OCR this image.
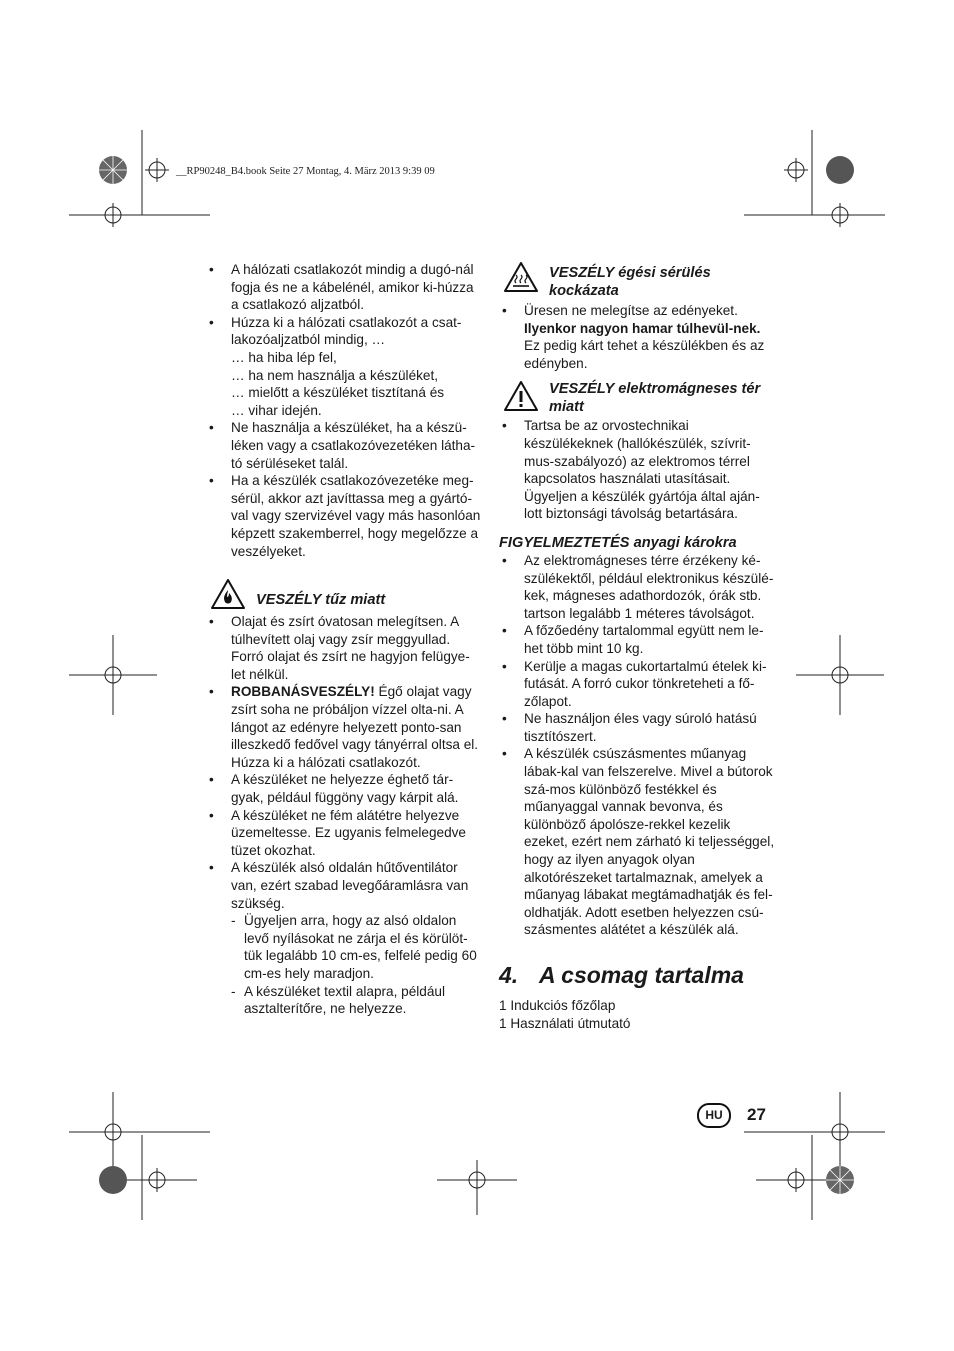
__RP90248_B4.book Seite 27 Montag, 4. März 2013 9:39 09
• A hálózati csatlakozót mindig a dugó-nál fogja és ne a kábelénél, amikor ki-húzza a csatlakozó aljzatból.
• Húzza ki a hálózati csatlakozót a csat-lakozóaljzatból mindig, …
… ha hiba lép fel,
… ha nem használja a készüléket,
… mielőtt a készüléket tisztítaná és
… vihar idején.
• Ne használja a készüléket, ha a készü-léken vagy a csatlakozóvezetéken látha-tó sérüléseket talál.
• Ha a készülék csatlakozóvezetéke meg-sérül, akkor azt javíttassa meg a gyártó-val vagy szervizével vagy más hasonlóan képzett szakemberrel, hogy megelőzze a veszélyeket.
VESZÉLY tűz miatt
• Olajat és zsírt óvatosan melegítsen. A túlhevített olaj vagy zsír meggyullad. Forró olajat és zsírt ne hagyjon felügye-let nélkül.
• ROBBANÁSVESZÉLY! Égő olajat vagy zsírt soha ne próbáljon vízzel olta-ni. A lángot az edényre helyezett ponto-san illeszkedő fedővel vagy tányérral oltsa el. Húzza ki a hálózati csatlakozót.
• A készüléket ne helyezze éghető tár-gyak, például függöny vagy kárpit alá.
• A készüléket ne fém alátétre helyezve üzemeltesse. Ez ugyanis felmelegedve tüzet okozhat.
• A készülék alsó oldalán hűtőventilátor van, ezért szabad levegőáramlásra van szükség.
- Ügyeljen arra, hogy az alsó oldalon levő nyílásokat ne zárja el és körülöt-tük legalább 10 cm-es, felfelé pedig 60 cm-es hely maradjon.
- A készüléket textil alapra, például asztalterítőre, ne helyezze.
VESZÉLY égési sérülés kockázata
• Üresen ne melegítse az edényeket. Ilyenkor nagyon hamar túlhevül-nek. Ez pedig kárt tehet a készülékben és az edényben.
VESZÉLY elektromágneses tér miatt
• Tartsa be az orvostechnikai készülékeknek (hallókészülék, szívrit-mus-szabályozó) az elektromos térrel kapcsolatos használati utasításait. Ügyeljen a készülék gyártója által aján-lott biztonsági távolság betartására.
FIGYELMEZTETÉS anyagi károkra
• Az elektromágneses térre érzékeny ké-szülékektől, például elektronikus készülé-kek, mágneses adathordozók, órák stb. tartson legalább 1 méteres távolságot.
• A főzőedény tartalommal együtt nem le-het több mint 10 kg.
• Kerülje a magas cukortartalmú ételek ki-futását. A forró cukor tönkreteheti a fő-zőlapot.
• Ne használjon éles vagy súroló hatású tisztítószert.
• A készülék csúszásmentes műanyag lábak-kal van felszerelve. Mivel a bútorok szá-mos különböző festékkel és műanyaggal vannak bevonva, és különböző ápolósze-rekkel kezelik ezeket, ezért nem zárható ki teljességgel, hogy az ilyen anyagok olyan alkotórészeket tartalmaznak, amelyek a műanyag lábakat megtámadhatják és fel-oldhatják. Adott esetben helyezzen csú-szásmentes alátétet a készülék alá.
4. A csomag tartalma

1 Indukciós főzőlap

1 Használati útmutató

HU	27
